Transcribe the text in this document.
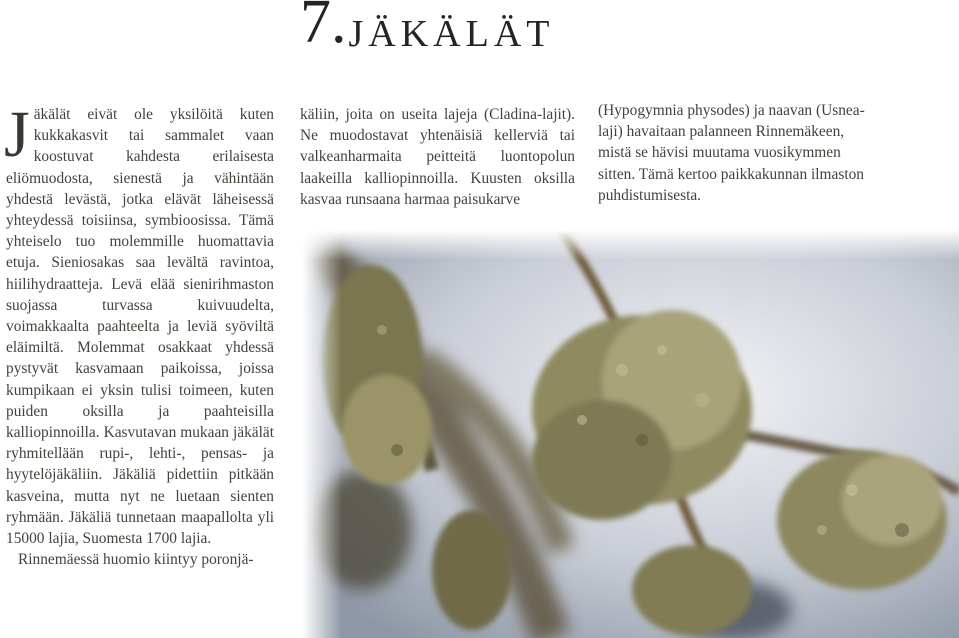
7.JÄKÄLÄT

Jäkälät eivät ole yksilöitä kuten kukkakasvit tai sammalet vaan koostuvat kahdesta erilaisesta eliömuodosta, sienestä ja vähintään yhdestä levästä, jotka elävät läheisessä yhteydessä toisiinsa, symbioosissa. Tämä yhteiselo tuo molemmille huomattavia etuja. Sieniosakas saa levältä ravintoa, hiilihydraatteja. Levä elää sienirihmaston suojassa turvassa kuivuudelta, voimakkaalta paahteelta ja leviä syöviltä eläimiltä. Molemmat osakkaat yhdessä pystyvät kasvamaan paikoissa, joissa kumpikaan ei yksin tulisi toimeen, kuten puiden oksilla ja paahteisilla kalliopinnoilla. Kasvutavan mukaan jäkälät ryhmitellään rupi-, lehti-, pensas- ja hyytelöjäkäliin. Jäkäliä pidettiin pitkään kasveina, mutta nyt ne luetaan sienten ryhmään. Jäkäliä tunnetaan maapallolta yli 15000 lajia, Suomesta 1700 lajia.

Rinnemäessä huomio kiintyy poronjä-

käliin, joita on useita lajeja (Cladina-lajit). Ne muodostavat yhtenäisiä kellerviä tai valkeanharmaita peitteitä luontopolun laakeilla kalliopinnoilla. Kuusten oksilla kasvaa runsaana harmaa paisukarve

(Hypogymnia physodes) ja naavan (Usnea-laji) havaitaan palanneen Rinnemäkeen, mistä se hävisi muutama vuosikymmen sitten. Tämä kertoo paikkakunnan ilmaston puhdistumisesta.
